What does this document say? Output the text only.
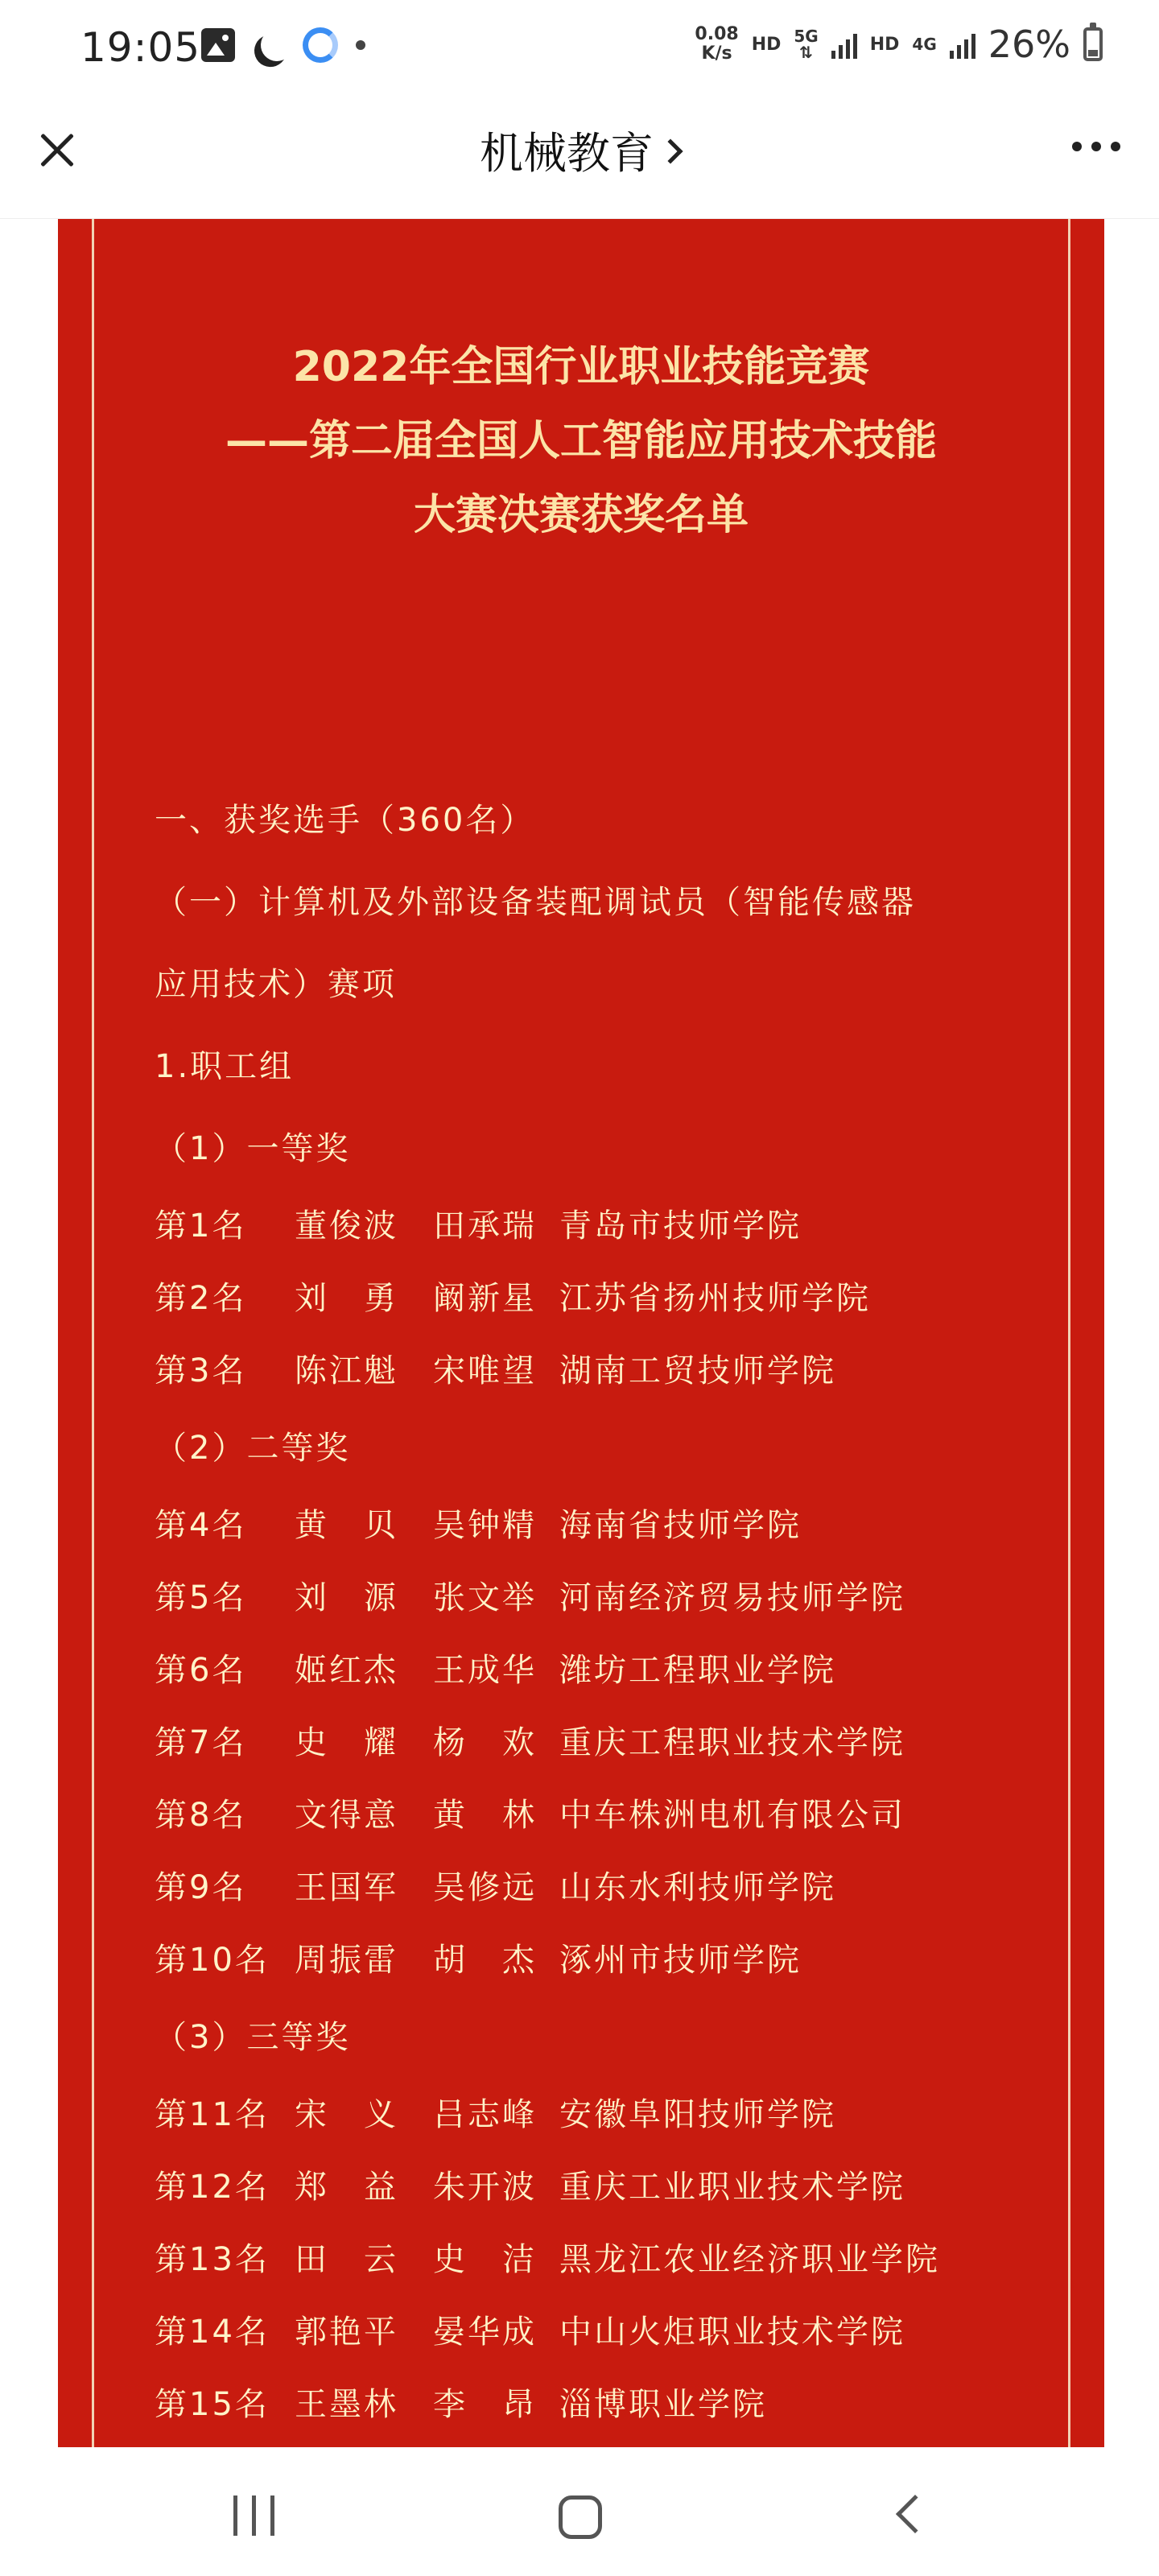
19:05	0.08
K/s HD 5G
⇅	HD 4G 26%
机械教育
2022年全国行业职业技能竞赛
——第二届全国人工智能应用技术技能
大赛决赛获奖名单
一、获奖选手（360名）
（一）计算机及外部设备装配调试员（智能传感器
应用技术）赛项
1.职工组
（1）一等奖
第1名	董俊波　田承瑞 青岛市技师学院
第2名	刘　勇　阚新星 江苏省扬州技师学院
第3名	陈江魁　宋唯望 湖南工贸技师学院
（2）二等奖
第4名	黄　贝　吴钟精 海南省技师学院
第5名	刘　源　张文举 河南经济贸易技师学院
第6名	姬红杰　王成华 潍坊工程职业学院
第7名	史　耀　杨　欢 重庆工程职业技术学院
第8名	文得意　黄　林 中车株洲电机有限公司
第9名	王国军　吴修远 山东水利技师学院
第10名 周振雷　胡　杰 涿州市技师学院
（3）三等奖
第11名 宋　义　吕志峰 安徽阜阳技师学院
第12名 郑　益　朱开波 重庆工业职业技术学院
第13名 田　云　史　洁 黑龙江农业经济职业学院
第14名 郭艳平　晏华成 中山火炬职业技术学院
第15名 王墨林　李　昂 淄博职业学院
